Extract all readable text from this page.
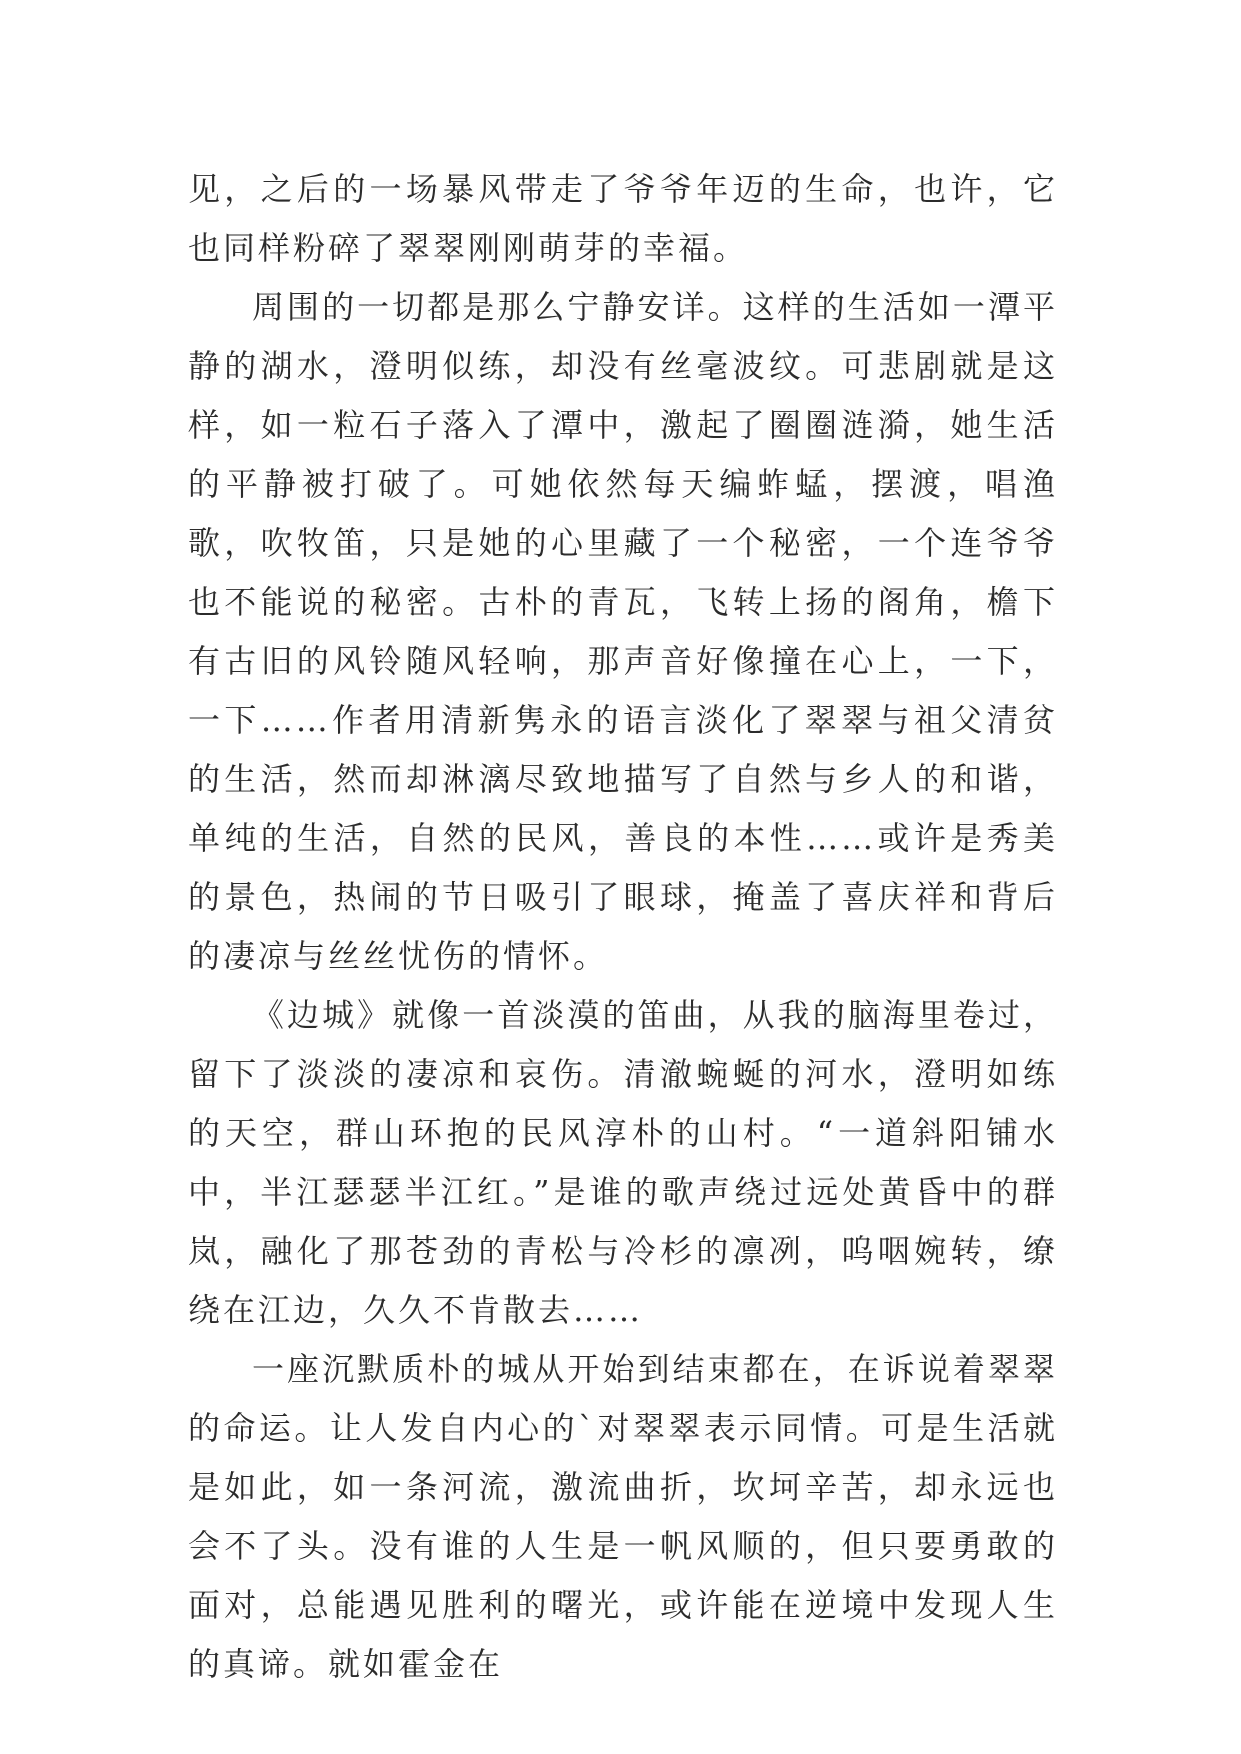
见，之后的一场暴风带走了爷爷年迈的生命，也许，它也同样粉碎了翠翠刚刚萌芽的幸福。

周围的一切都是那么宁静安详。这样的生活如一潭平静的湖水，澄明似练，却没有丝毫波纹。可悲剧就是这样，如一粒石子落入了潭中，激起了圈圈涟漪，她生活的平静被打破了。可她依然每天编蚱蜢，摆渡，唱渔歌，吹牧笛，只是她的心里藏了一个秘密，一个连爷爷也不能说的秘密。古朴的青瓦，飞转上扬的阁角，檐下有古旧的风铃随风轻响，那声音好像撞在心上，一下，一下……作者用清新隽永的语言淡化了翠翠与祖父清贫的生活，然而却淋漓尽致地描写了自然与乡人的和谐，单纯的生活，自然的民风，善良的本性……或许是秀美的景色，热闹的节日吸引了眼球，掩盖了喜庆祥和背后的凄凉与丝丝忧伤的情怀。

《边城》就像一首淡漠的笛曲，从我的脑海里卷过，留下了淡淡的凄凉和哀伤。清澈蜿蜒的河水，澄明如练的天空，群山环抱的民风淳朴的山村。“一道斜阳铺水中，半江瑟瑟半江红。”是谁的歌声绕过远处黄昏中的群岚，融化了那苍劲的青松与冷杉的凛冽，呜咽婉转，缭绕在江边，久久不肯散去……

一座沉默质朴的城从开始到结束都在，在诉说着翠翠的命运。让人发自内心的`对翠翠表示同情。可是生活就是如此，如一条河流，激流曲折，坎坷辛苦，却永远也会不了头。没有谁的人生是一帆风顺的，但只要勇敢的面对，总能遇见胜利的曙光，或许能在逆境中发现人生的真谛。就如霍金在
